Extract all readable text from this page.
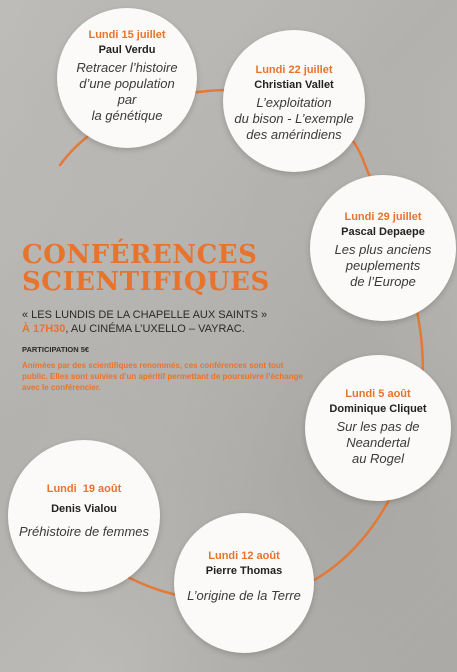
Lundi 15 juillet
Paul Verdu
Retracer l’histoire
d’une population
par
la génétique
Lundi 22 juillet
Christian Vallet
L’exploitation
du bison - L’exemple
des amérindiens
Lundi 29 juillet
Pascal Depaepe
Les plus anciens
peuplements
de l’Europe
Lundi 5 août
Dominique Cliquet
Sur les pas de
Neandertal
au Rogel
Lundi 12 août
Pierre Thomas
L’origine de la Terre
Lundi  19 août
Denis Vialou
Préhistoire de femmes
CONFÉRENCES
SCIENTIFIQUES
« LES LUNDIS DE LA CHAPELLE AUX SAINTS »
À 17H30, AU CINÉMA L’UXELLO – VAYRAC.
PARTICIPATION 5€
Animées par des scientifiques renommés, ces conférences sont tout public. Elles sont suivies d’un apéritif permettant de poursuivre l’échange avec le conférencier.
